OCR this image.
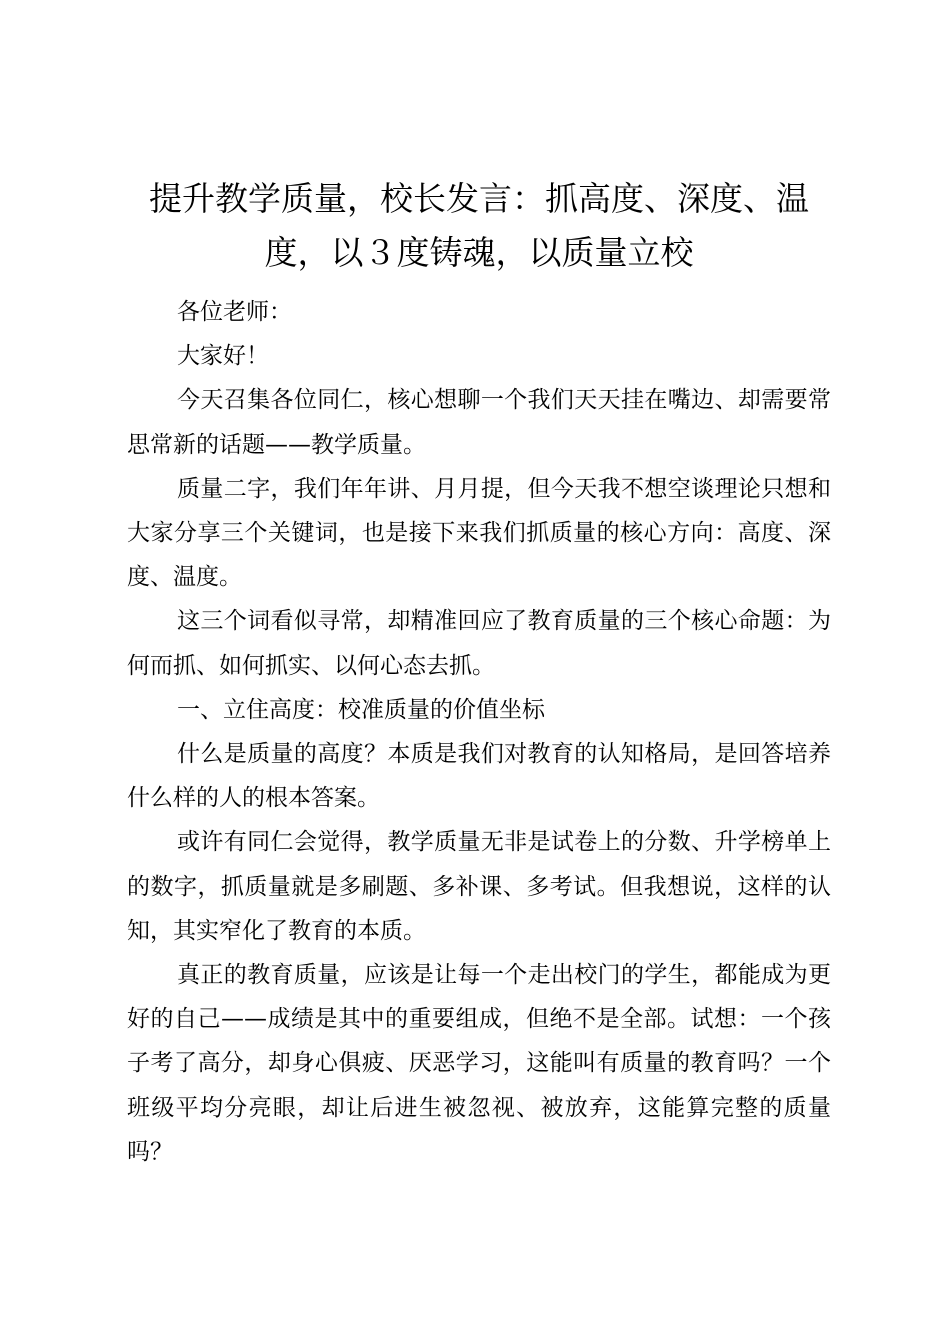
提升教学质量，校长发言：抓高度、深度、温度，以３度铸魂，以质量立校

各位老师：

大家好！

今天召集各位同仁，核心想聊一个我们天天挂在嘴边、却需要常思常新的话题——教学质量。

质量二字，我们年年讲、月月提，但今天我不想空谈理论只想和大家分享三个关键词，也是接下来我们抓质量的核心方向：高度、深度、温度。

这三个词看似寻常，却精准回应了教育质量的三个核心命题：为何而抓、如何抓实、以何心态去抓。

一、立住高度：校准质量的价值坐标

什么是质量的高度？本质是我们对教育的认知格局，是回答培养什么样的人的根本答案。

或许有同仁会觉得，教学质量无非是试卷上的分数、升学榜单上的数字，抓质量就是多刷题、多补课、多考试。但我想说，这样的认知，其实窄化了教育的本质。

真正的教育质量，应该是让每一个走出校门的学生，都能成为更好的自己——成绩是其中的重要组成，但绝不是全部。试想：一个孩子考了高分，却身心俱疲、厌恶学习，这能叫有质量的教育吗？一个班级平均分亮眼，却让后进生被忽视、被放弃，这能算完整的质量吗？
